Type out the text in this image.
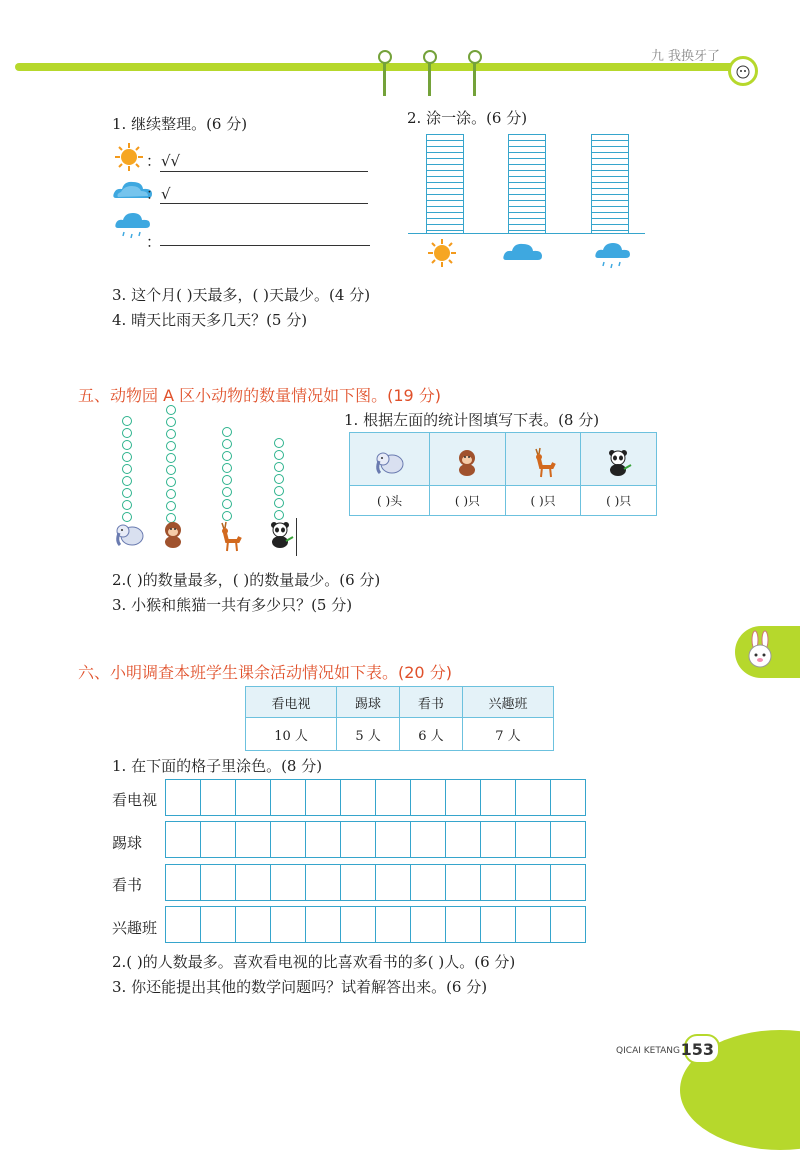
九 我换牙了
1. 继续整理。(6 分)
：√√
：√
：
2. 涂一涂。(6 分)
3. 这个月( )天最多，( )天最少。(4 分)
4. 晴天比雨天多几天？(5 分)
五、动物园 A 区小动物的数量情况如下图。(19 分)
1. 根据左面的统计图填写下表。(8 分)

( )头	( )只	( )只	( )只
2.( )的数量最多，( )的数量最少。(6 分)
3. 小猴和熊猫一共有多少只？(5 分)
六、小明调查本班学生课余活动情况如下表。(20 分)
看电视	踢球	看书	兴趣班
10 人	5 人	6 人	7 人
1. 在下面的格子里涂色。(8 分)
看电视

踢球

看书

兴趣班

2.( )的人数最多。喜欢看电视的比喜欢看书的多( )人。(6 分)
3. 你还能提出其他的数学问题吗？试着解答出来。(6 分)
QICAI KETANG 153
